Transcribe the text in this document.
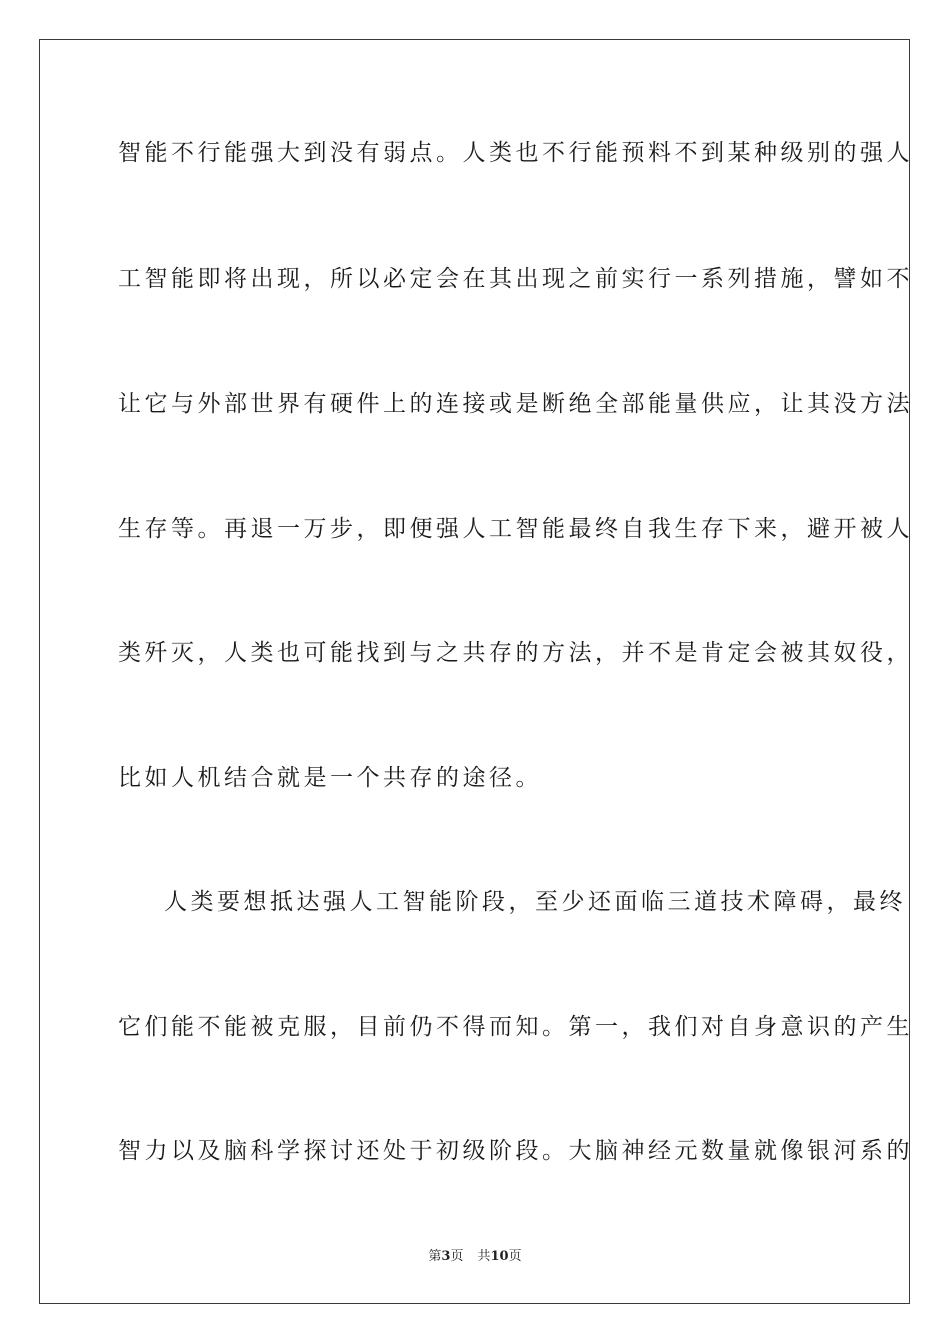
智能不行能强大到没有弱点。人类也不行能预料不到某种级别的强人
工智能即将出现，所以必定会在其出现之前实行一系列措施，譬如不
让它与外部世界有硬件上的连接或是断绝全部能量供应，让其没方法
生存等。再退一万步，即便强人工智能最终自我生存下来，避开被人
类歼灭，人类也可能找到与之共存的方法，并不是肯定会被其奴役，
比如人机结合就是一个共存的途径。
人类要想抵达强人工智能阶段，至少还面临三道技术障碍，最终
它们能不能被克服，目前仍不得而知。第一，我们对自身意识的产生
智力以及脑科学探讨还处于初级阶段。大脑神经元数量就像银河系的
第3页 共10页
